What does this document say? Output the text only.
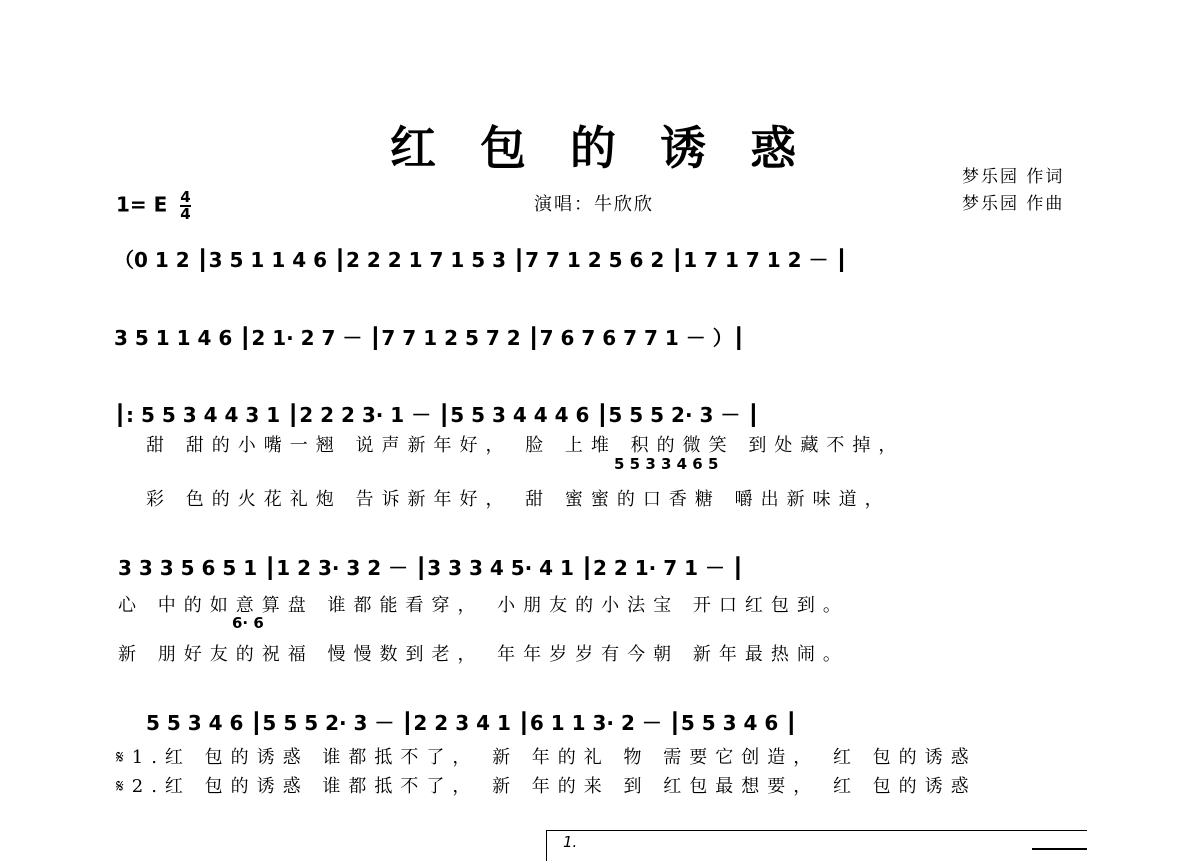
红 包 的 诱 惑
梦乐园 作词
梦乐园 作曲
1= E $\frac{4}{4}$	演唱：牛欣欣
（0 1 2 ┃3 5 1 1 4 6 ┃2 2 2 1 7 1 5 3 ┃7 7 1 2 5 6 2 ┃1 7 1 7 1 2 － ┃
3 5 1 1 4 6 ┃2 1· 2 7 － ┃7 7 1 2 5 7 2 ┃7 6 7 6 7 7 1 － ）┃
┃: 5 5 3 4 4 3 1 ┃2 2 2 3· 1 － ┃5 5 3 4 4 4 6 ┃5 5 5 2· 3 － ┃
甜 甜的小嘴一翘 说声新年好， 脸 上堆 积的微笑 到处藏不掉，
5 5 3 3 4 6 5
彩 色的火花礼炮 告诉新年好， 甜 蜜蜜的口香糖 嚼出新味道，
3 3 3 5 6 5 1 ┃1 2 3· 3 2 － ┃3 3 3 4 5· 4 1 ┃2 2 1· 7 1 － ┃
心 中的如意算盘 谁都能看穿， 小朋友的小法宝 开口红包到。
6· 6
新 朋好友的祝福 慢慢数到老， 年年岁岁有今朝 新年最热闹。
5 5 3 4 6 ┃5 5 5 2· 3 － ┃2 2 3 4 1 ┃6 1 1 3· 2 － ┃5 5 3 4 6 ┃
𝄋1.红 包的诱惑 谁都抵不了， 新 年的礼 物 需要它创造， 红 包的诱惑
𝄋2.红 包的诱惑 谁都抵不了， 新 年的来 到 红包最想要， 红 包的诱惑
1.
